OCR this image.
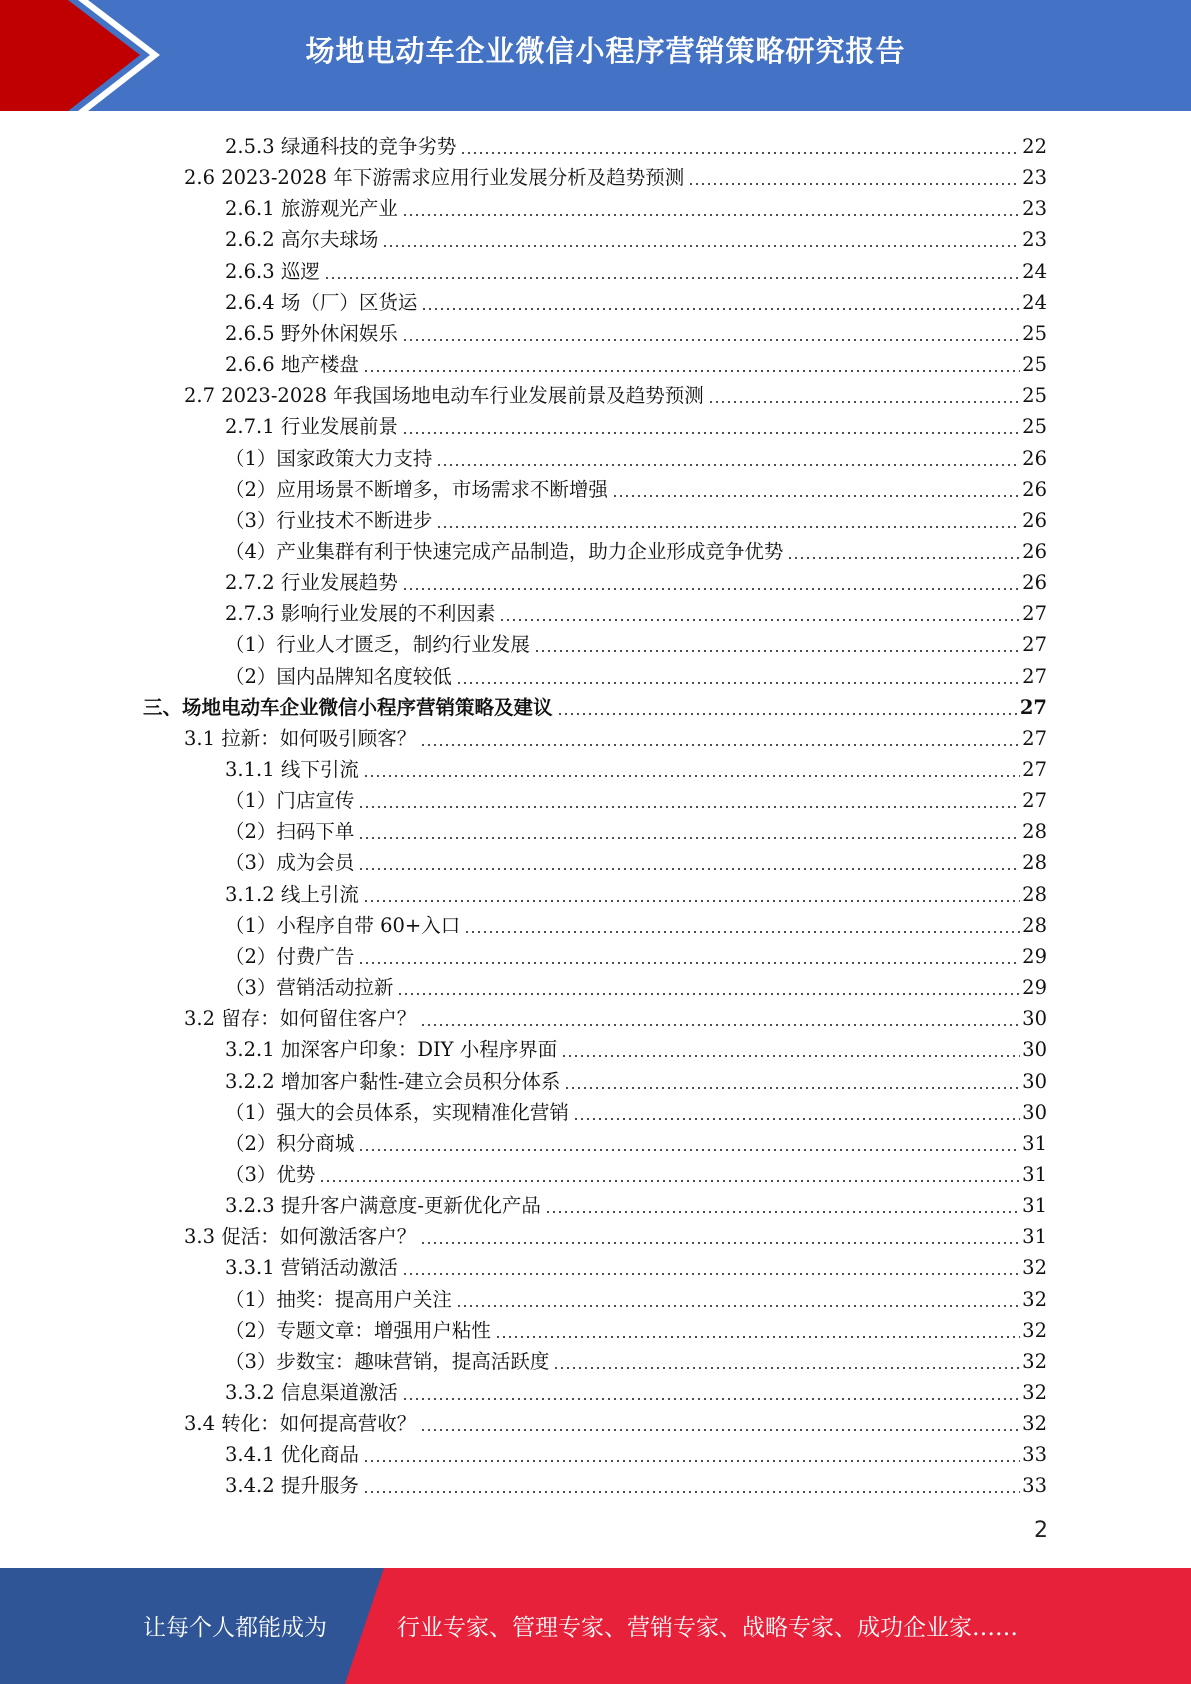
场地电动车企业微信小程序营销策略研究报告
2.5.3 绿通科技的竞争劣势	22
2.6 2023-2028 年下游需求应用行业发展分析及趋势预测	23
2.6.1 旅游观光产业	23
2.6.2 高尔夫球场	23
2.6.3 巡逻	24
2.6.4 场（厂）区货运	24
2.6.5 野外休闲娱乐	25
2.6.6 地产楼盘	25
2.7 2023-2028 年我国场地电动车行业发展前景及趋势预测	25
2.7.1 行业发展前景	25
（1）国家政策大力支持	26
（2）应用场景不断增多，市场需求不断增强	26
（3）行业技术不断进步	26
（4）产业集群有利于快速完成产品制造，助力企业形成竞争优势	26
2.7.2 行业发展趋势	26
2.7.3 影响行业发展的不利因素	27
（1）行业人才匮乏，制约行业发展	27
（2）国内品牌知名度较低	27
三、场地电动车企业微信小程序营销策略及建议	27
3.1 拉新：如何吸引顾客？	27
3.1.1 线下引流	27
（1）门店宣传	27
（2）扫码下单	28
（3）成为会员	28
3.1.2 线上引流	28
（1）小程序自带 60+入口	28
（2）付费广告	29
（3）营销活动拉新	29
3.2 留存：如何留住客户？	30
3.2.1 加深客户印象：DIY 小程序界面	30
3.2.2 增加客户黏性-建立会员积分体系	30
（1）强大的会员体系，实现精准化营销	30
（2）积分商城	31
（3）优势	31
3.2.3 提升客户满意度-更新优化产品	31
3.3 促活：如何激活客户？	31
3.3.1 营销活动激活	32
（1）抽奖：提高用户关注	32
（2）专题文章：增强用户粘性	32
（3）步数宝：趣味营销，提高活跃度	32
3.3.2 信息渠道激活	32
3.4 转化：如何提高营收？	32
3.4.1 优化商品	33
3.4.2 提升服务	33
2
让每个人都能成为	行业专家、管理专家、营销专家、战略专家、成功企业家……
